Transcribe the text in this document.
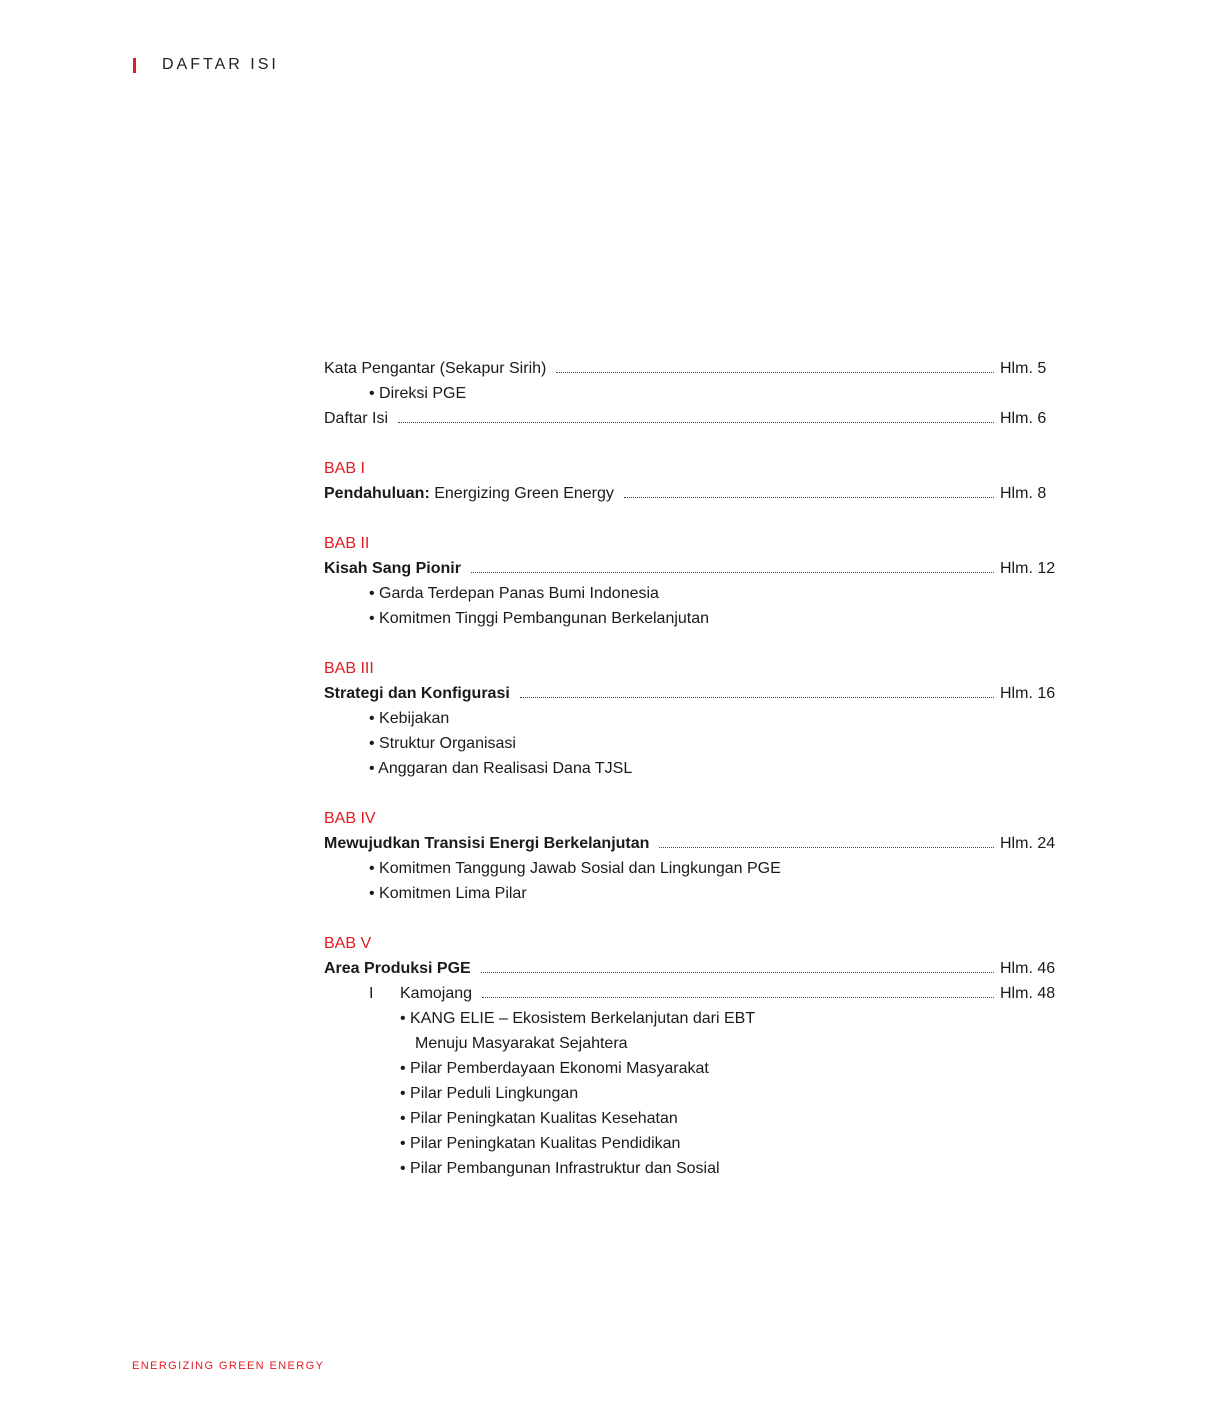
DAFTAR ISI
Kata Pengantar (Sekapur Sirih)	Hlm. 5
• Direksi PGE
Daftar Isi	Hlm. 6
BAB I
Pendahuluan: Energizing Green Energy	Hlm. 8
BAB II
Kisah Sang Pionir	Hlm. 12
• Garda Terdepan Panas Bumi Indonesia
• Komitmen Tinggi Pembangunan Berkelanjutan
BAB III
Strategi dan Konfigurasi	Hlm. 16
• Kebijakan
• Struktur Organisasi
• Anggaran dan Realisasi Dana TJSL
BAB IV
Mewujudkan Transisi Energi Berkelanjutan	Hlm. 24
• Komitmen Tanggung Jawab Sosial dan Lingkungan PGE
• Komitmen Lima Pilar
BAB V
Area Produksi PGE	Hlm. 46
I	Kamojang	Hlm. 48
• KANG ELIE – Ekosistem Berkelanjutan dari EBT
Menuju Masyarakat Sejahtera
• Pilar Pemberdayaan Ekonomi Masyarakat
• Pilar Peduli Lingkungan
• Pilar Peningkatan Kualitas Kesehatan
• Pilar Peningkatan Kualitas Pendidikan
• Pilar Pembangunan Infrastruktur dan Sosial
ENERGIZING GREEN ENERGY
